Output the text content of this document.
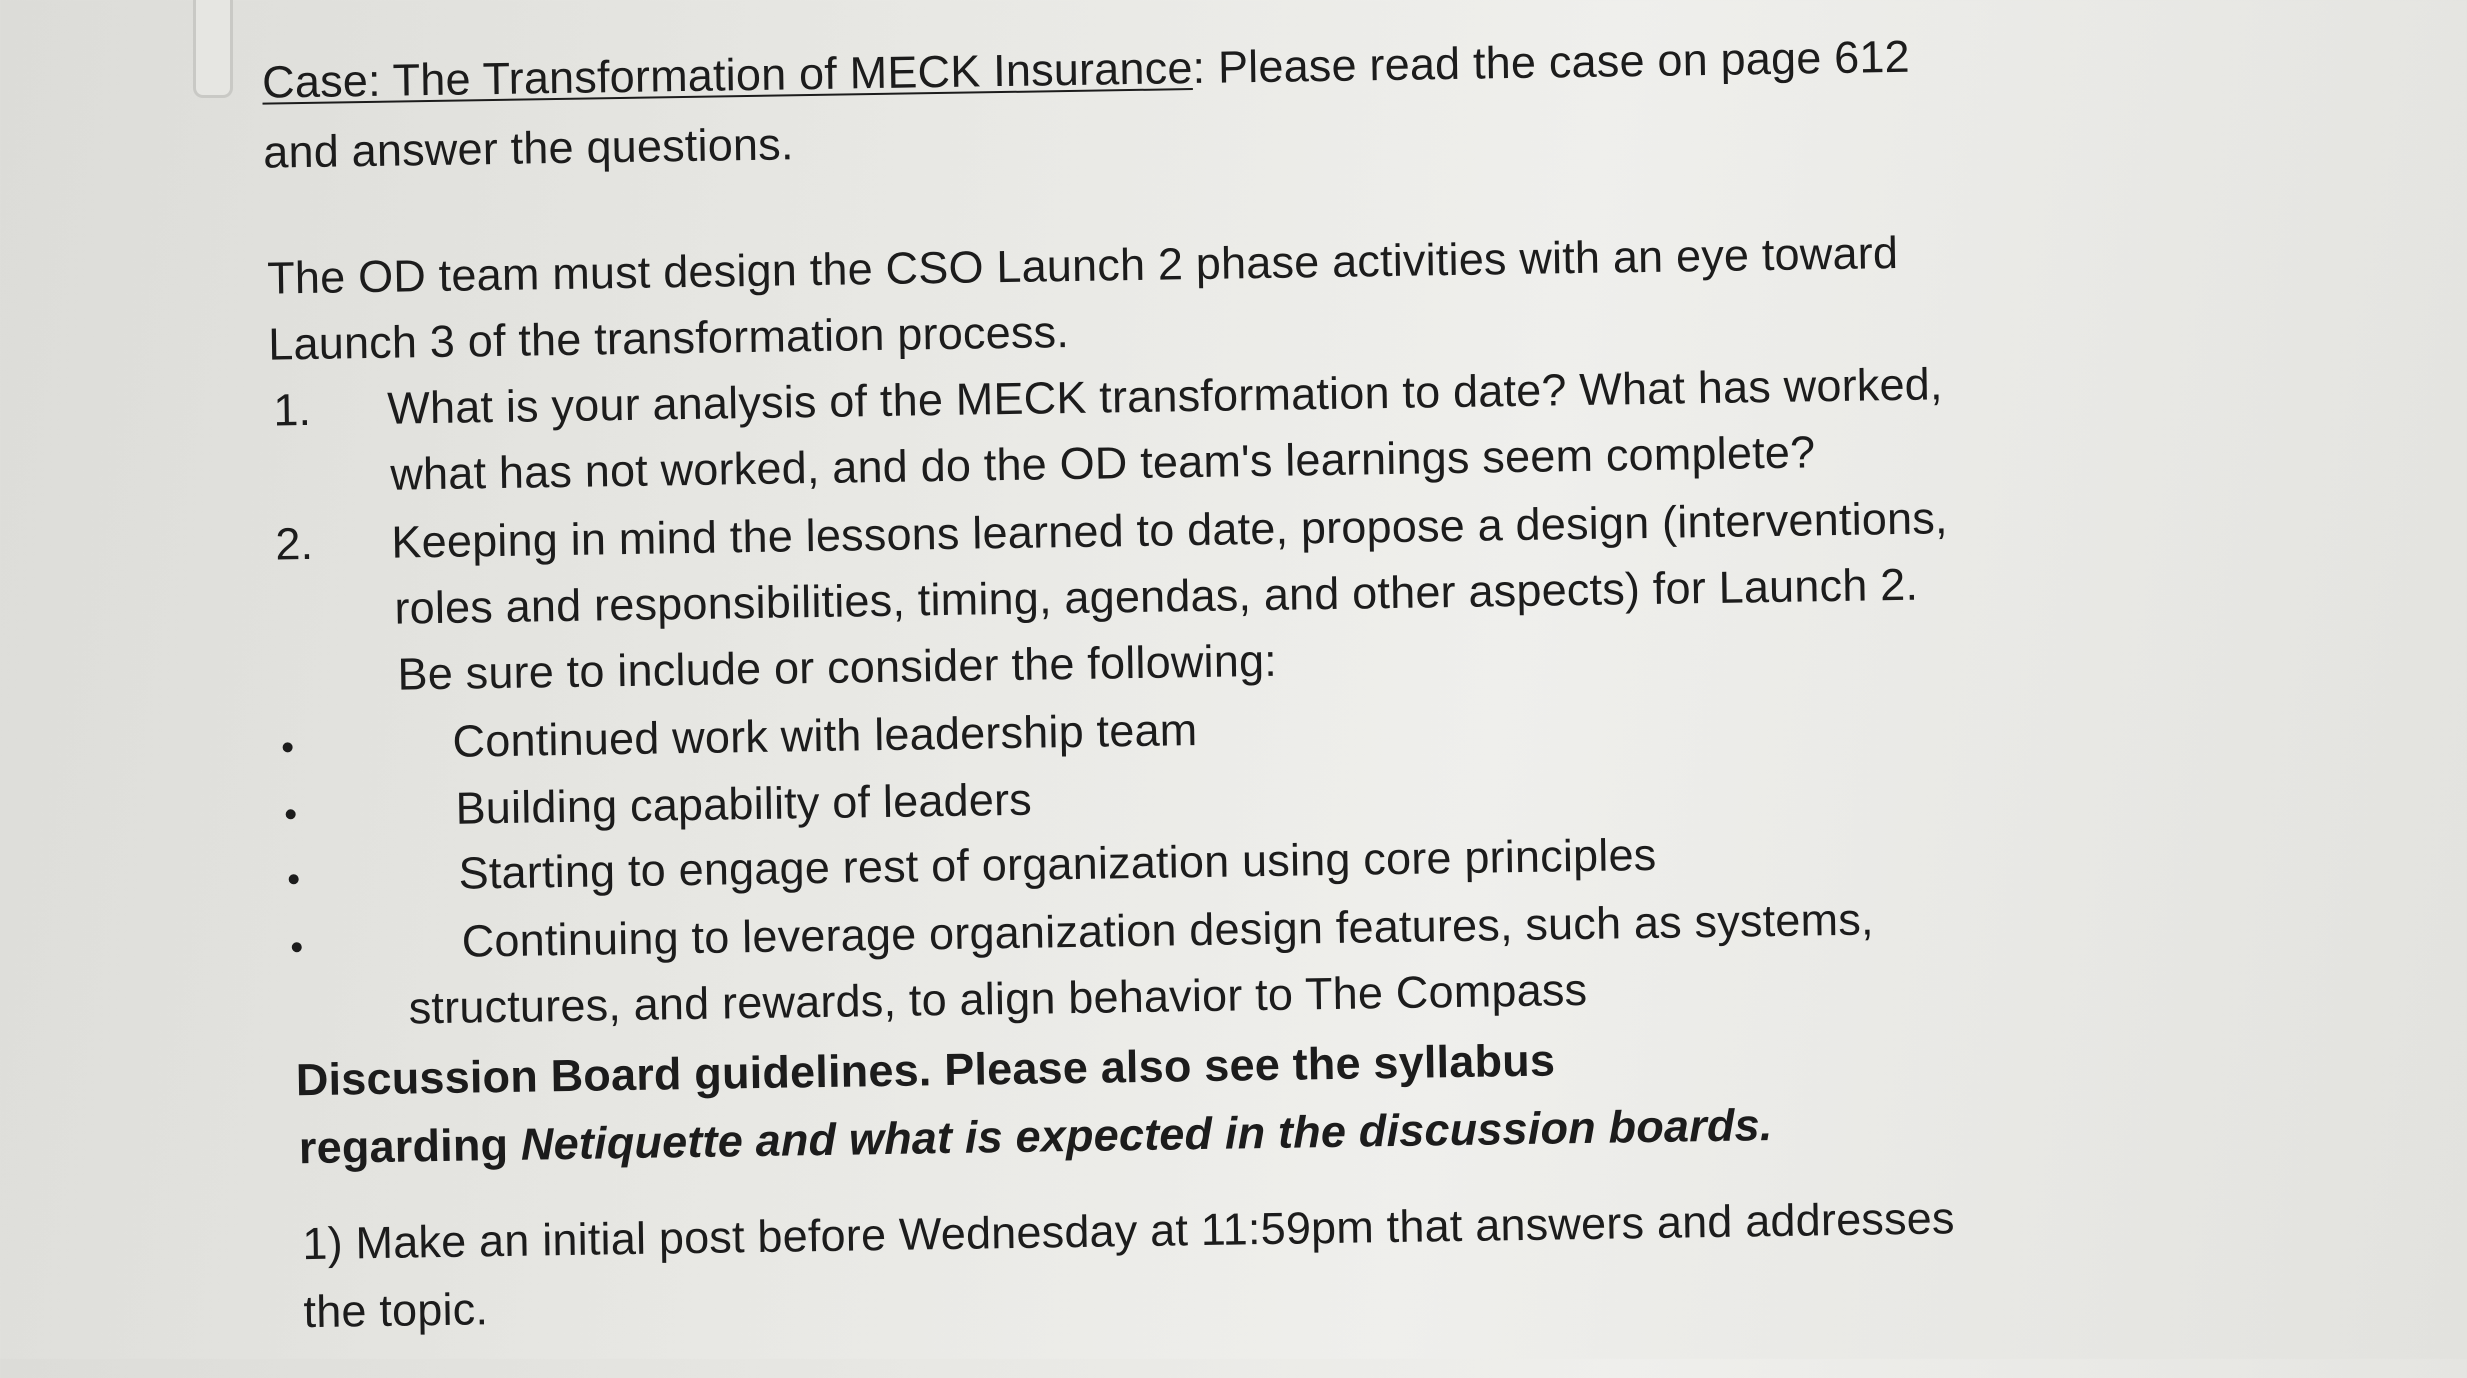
Case: The Transformation of MECK Insurance: Please read the case on page 612
and answer the questions.
The OD team must design the CSO Launch 2 phase activities with an eye toward
Launch 3 of the transformation process.
1. What is your analysis of the MECK transformation to date? What has worked,
what has not worked, and do the OD team's learnings seem complete?
2. Keeping in mind the lessons learned to date, propose a design (interventions,
roles and responsibilities, timing, agendas, and other aspects) for Launch 2.
Be sure to include or consider the following:
Continued work with leadership team
Building capability of leaders
Starting to engage rest of organization using core principles
Continuing to leverage organization design features, such as systems,
structures, and rewards, to align behavior to The Compass
Discussion Board guidelines. Please also see the syllabus
regarding Netiquette and what is expected in the discussion boards.
1) Make an initial post before Wednesday at 11:59pm that answers and addresses
the topic.
